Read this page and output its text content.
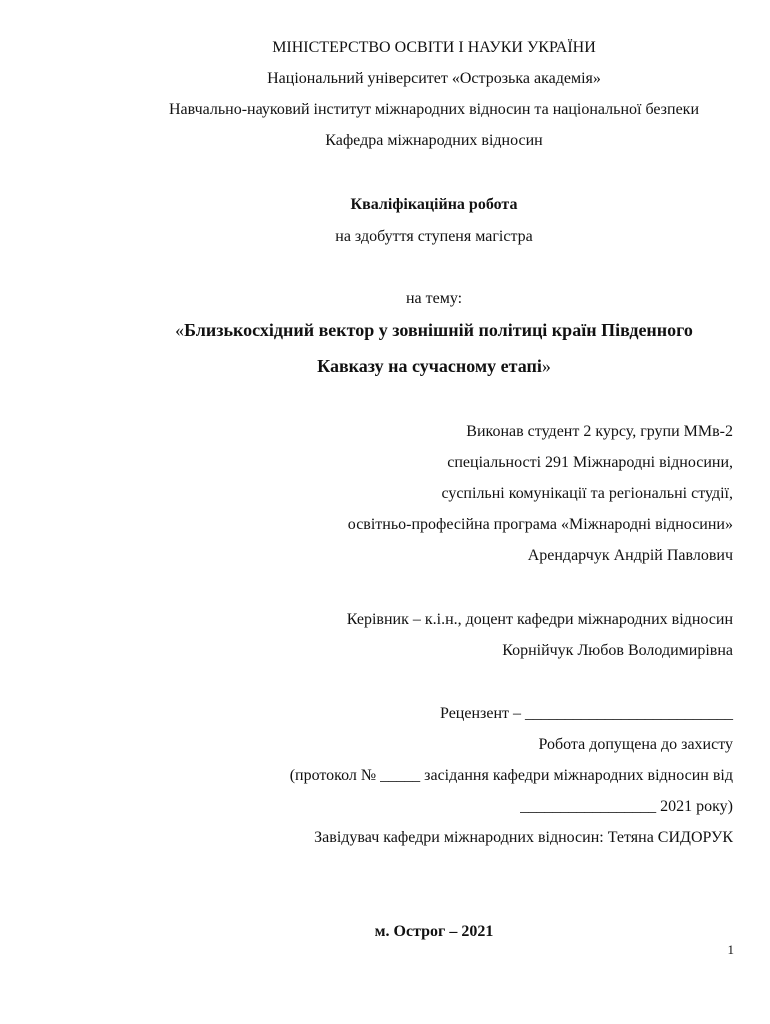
МІНІСТЕРСТВО ОСВІТИ І НАУКИ УКРАЇНИ
Національний університет «Острозька академія»
Навчально-науковий інститут міжнародних відносин та національної безпеки
Кафедра міжнародних відносин
Кваліфікаційна робота
на здобуття ступеня магістра
на тему:
«Близькосхідний вектор у зовнішній політиці країн Південного
Кавказу на сучасному етапі»
Виконав студент 2 курсу, групи ММв-2
спеціальності 291 Міжнародні відносини,
суспільні комунікації та регіональні студії,
освітньо-професійна програма «Міжнародні відносини»
Арендарчук Андрій Павлович
Керівник – к.і.н., доцент кафедри міжнародних відносин
Корнійчук Любов Володимирівна
Рецензент – __________________________
Робота допущена до захисту
(протокол № _____ засідання кафедри міжнародних відносин від
_________________ 2021 року)
Завідувач кафедри міжнародних відносин: Тетяна СИДОРУК
м. Острог – 2021
1
